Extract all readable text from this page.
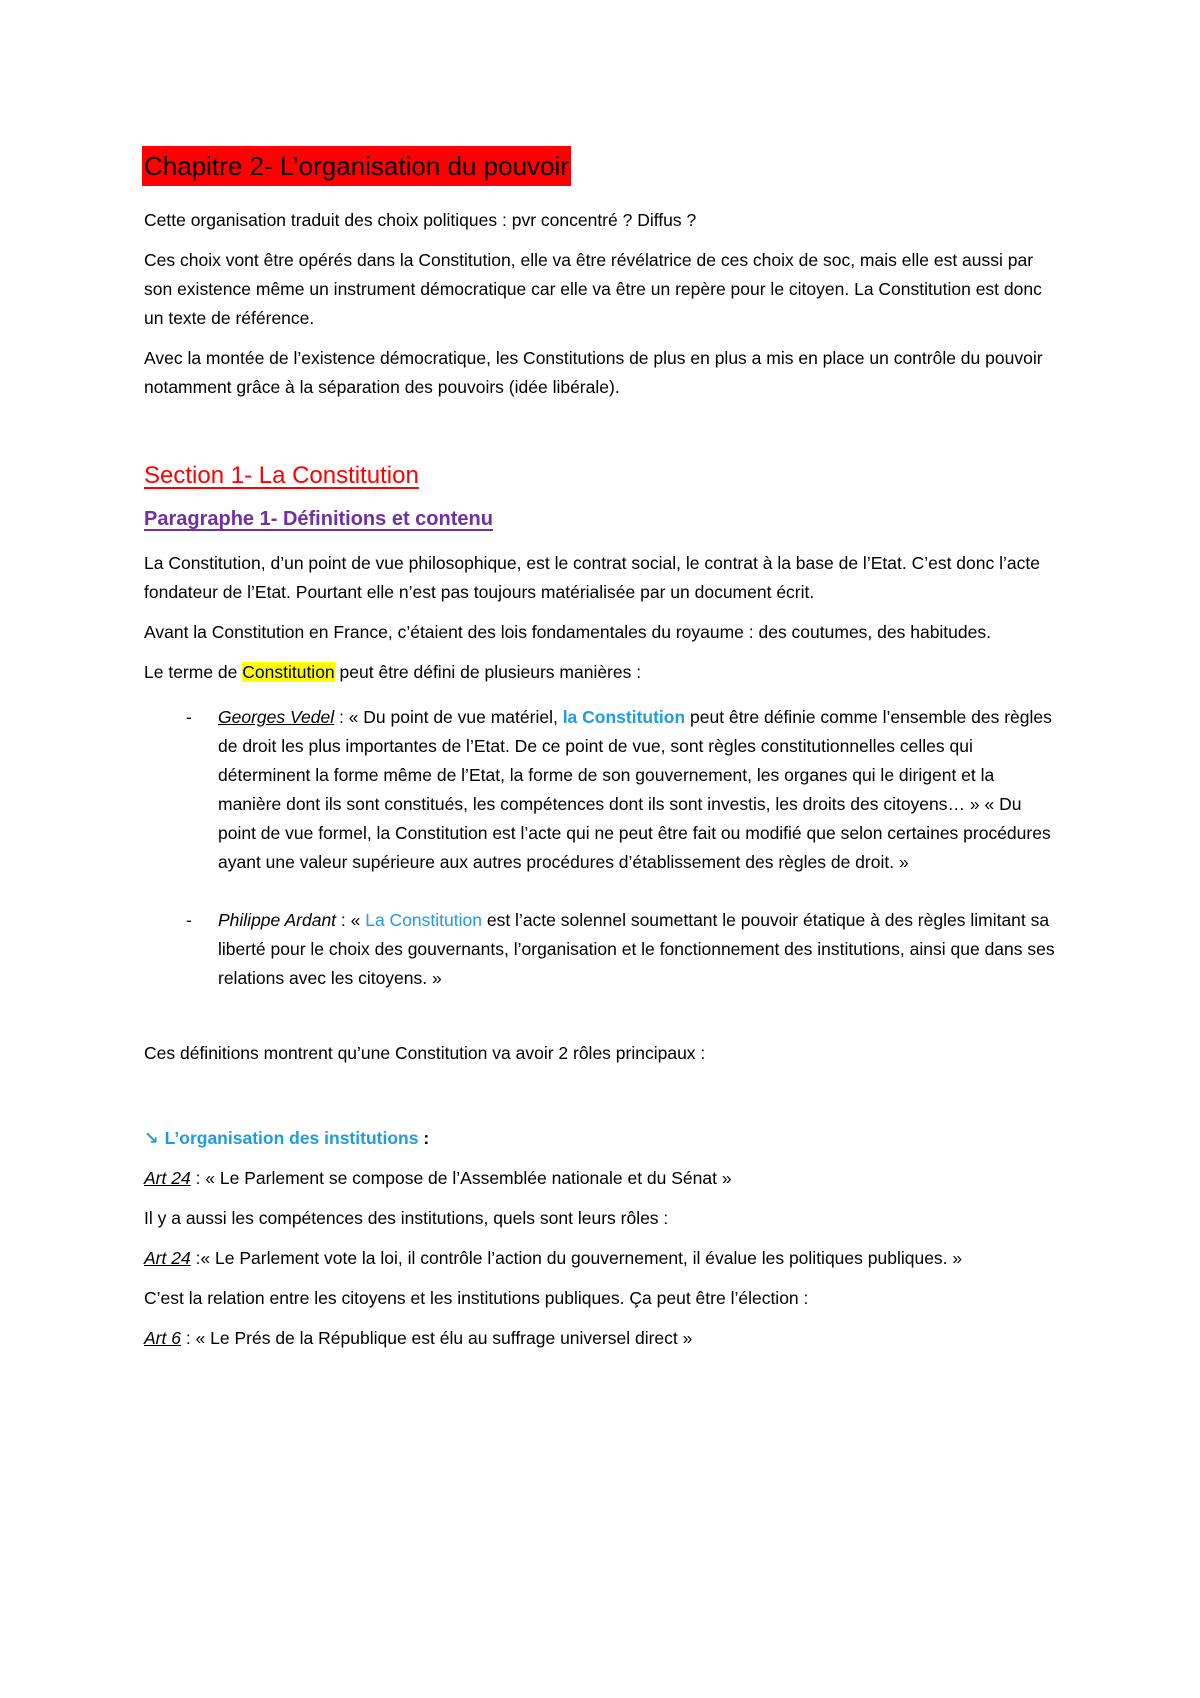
Chapitre 2- L’organisation du pouvoir

Cette organisation traduit des choix politiques : pvr concentré ? Diffus ?

Ces choix vont être opérés dans la Constitution, elle va être révélatrice de ces choix de soc, mais elle est aussi par son existence même un instrument démocratique car elle va être un repère pour le citoyen. La Constitution est donc un texte de référence.

Avec la montée de l’existence démocratique, les Constitutions de plus en plus a mis en place un contrôle du pouvoir notamment grâce à la séparation des pouvoirs (idée libérale).

Section 1- La Constitution
Paragraphe 1- Définitions et contenu

La Constitution, d’un point de vue philosophique, est le contrat social, le contrat à la base de l’Etat. C’est donc l’acte fondateur de l’Etat. Pourtant elle n’est pas toujours matérialisée par un document écrit.

Avant la Constitution en France, c’étaient des lois fondamentales du royaume : des coutumes, des habitudes.

Le terme de Constitution peut être défini de plusieurs manières :

- Georges Vedel : « Du point de vue matériel, la Constitution peut être définie comme l’ensemble des règles de droit les plus importantes de l’Etat. De ce point de vue, sont règles constitutionnelles celles qui déterminent la forme même de l’Etat, la forme de son gouvernement, les organes qui le dirigent et la manière dont ils sont constitués, les compétences dont ils sont investis, les droits des citoyens… » « Du point de vue formel, la Constitution est l’acte qui ne peut être fait ou modifié que selon certaines procédures ayant une valeur supérieure aux autres procédures d’établissement des règles de droit. »
- Philippe Ardant : « La Constitution est l’acte solennel soumettant le pouvoir étatique à des règles limitant sa liberté pour le choix des gouvernants, l’organisation et le fonctionnement des institutions, ainsi que dans ses relations avec les citoyens. »

Ces définitions montrent qu’une Constitution va avoir 2 rôles principaux :

↘ L’organisation des institutions :

Art 24 : « Le Parlement se compose de l’Assemblée nationale et du Sénat »

Il y a aussi les compétences des institutions, quels sont leurs rôles :

Art 24 :« Le Parlement vote la loi, il contrôle l’action du gouvernement, il évalue les politiques publiques. »

C’est la relation entre les citoyens et les institutions publiques. Ça peut être l’élection :

Art 6 : « Le Prés de la République est élu au suffrage universel direct »
